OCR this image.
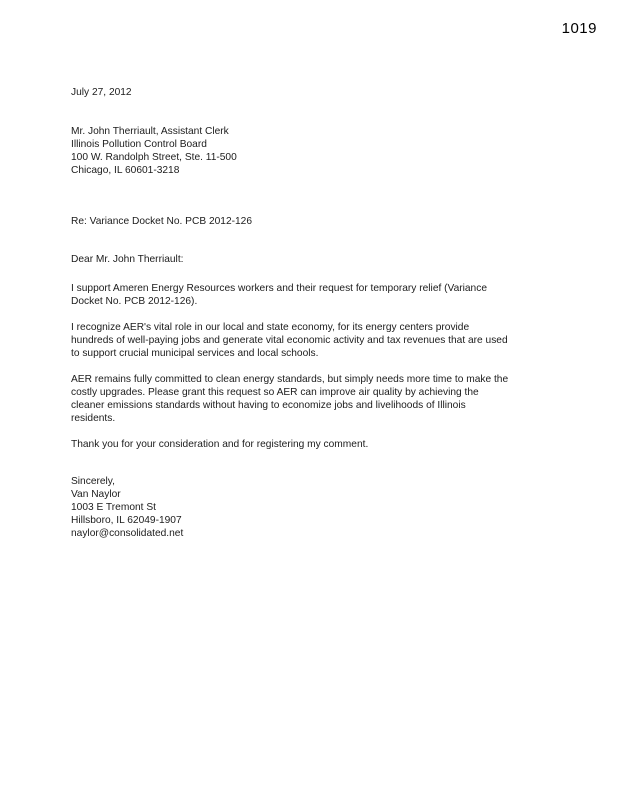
1019
July 27, 2012
Mr. John Therriault, Assistant Clerk
Illinois Pollution Control Board
100 W. Randolph Street, Ste. 11-500
Chicago, IL 60601-3218
Re: Variance Docket No. PCB 2012-126
Dear Mr. John Therriault:

I support Ameren Energy Resources workers and their request for temporary relief (Variance Docket No. PCB 2012-126).

I recognize AER's vital role in our local and state economy, for its energy centers provide hundreds of well-paying jobs and generate vital economic activity and tax revenues that are used to support crucial municipal services and local schools.

AER remains fully committed to clean energy standards, but simply needs more time to make the costly upgrades. Please grant this request so AER can improve air quality by achieving the cleaner emissions standards without having to economize jobs and livelihoods of Illinois residents.

Thank you for your consideration and for registering my comment.

Sincerely,
Van Naylor
1003 E Tremont St
Hillsboro, IL 62049-1907
naylor@consolidated.net
